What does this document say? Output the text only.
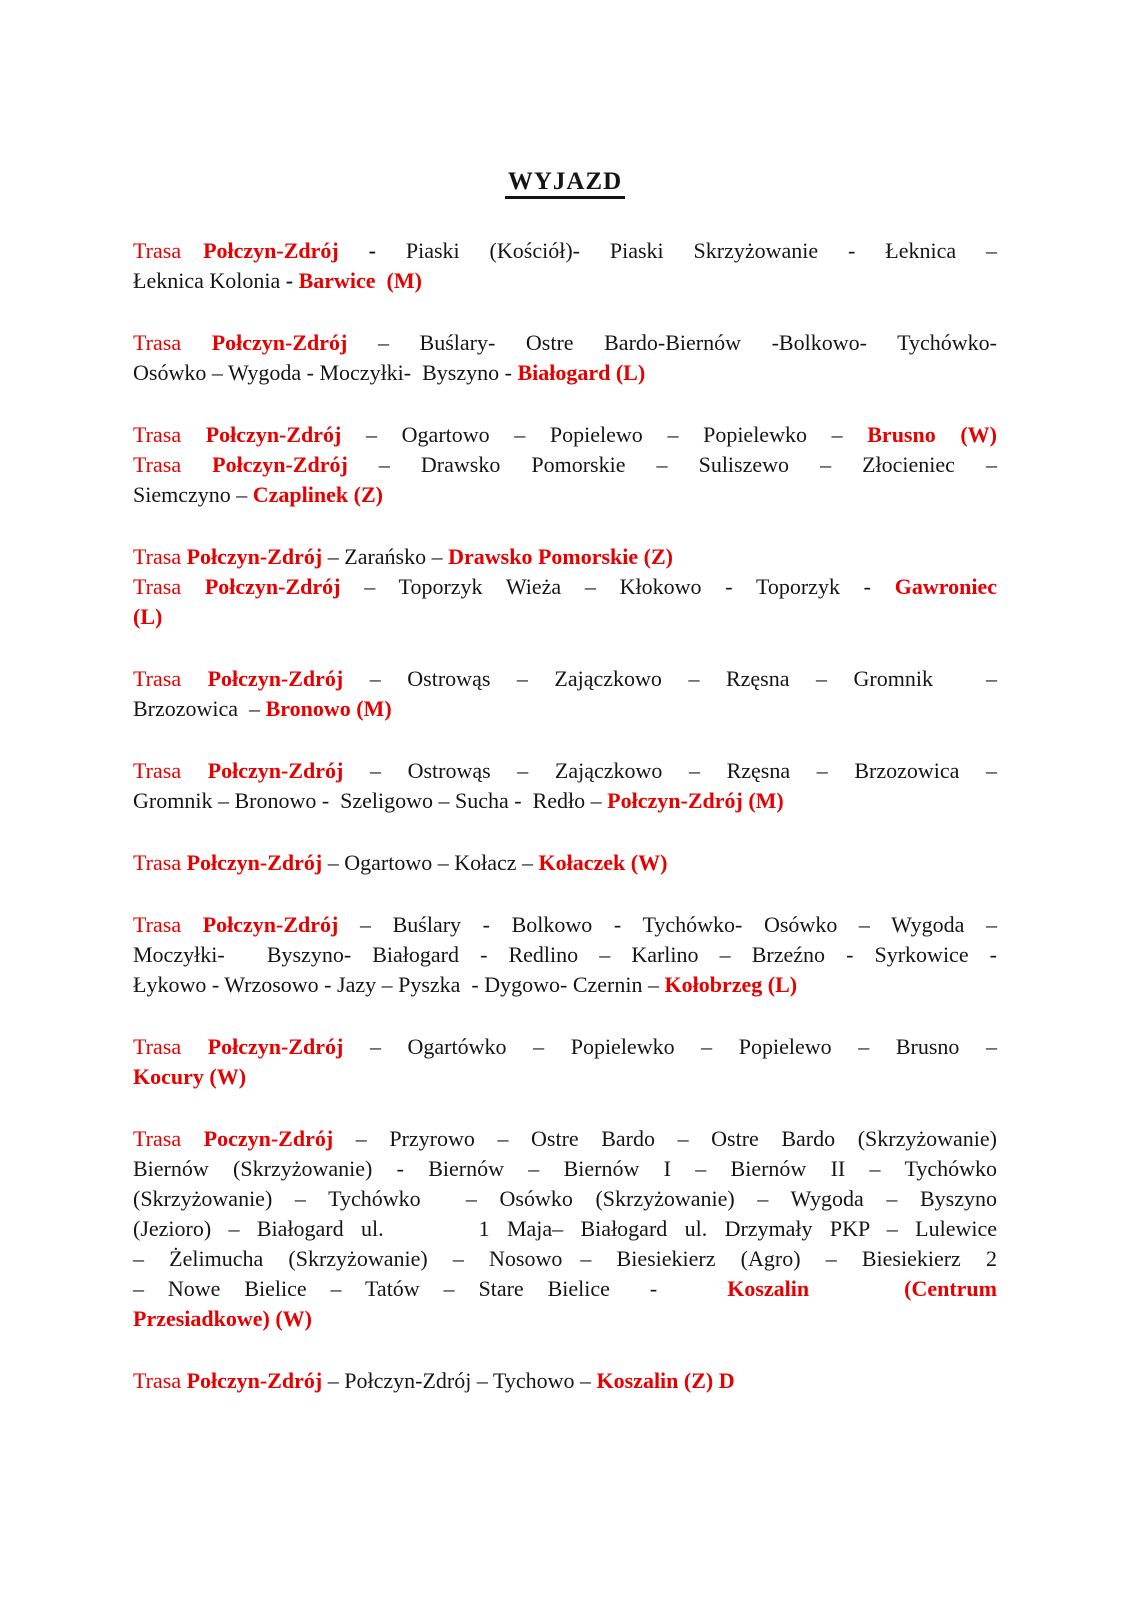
WYJAZD
Trasa Połczyn-Zdrój - Piaski (Kościół)- Piaski Skrzyżowanie - Łeknica –
Łeknica Kolonia - Barwice  (M)
Trasa Połczyn-Zdrój – Buślary- Ostre Bardo-Biernów -Bolkowo- Tychówko-
Osówko – Wygoda - Moczyłki-  Byszyno - Białogard (L)
Trasa Połczyn-Zdrój – Ogartowo – Popielewo – Popielewko – Brusno (W)
Trasa Połczyn-Zdrój – Drawsko Pomorskie – Suliszewo – Złocieniec –
Siemczyno – Czaplinek (Z)
Trasa Połczyn-Zdrój – Zarańsko – Drawsko Pomorskie (Z)
Trasa Połczyn-Zdrój – Toporzyk Wieża – Kłokowo - Toporzyk - Gawroniec
(L)
Trasa Połczyn-Zdrój – Ostrowąs – Zajączkowo – Rzęsna – Gromnik  –
Brzozowica  – Bronowo (M)
Trasa Połczyn-Zdrój – Ostrowąs – Zajączkowo – Rzęsna – Brzozowica –
Gromnik – Bronowo -  Szeligowo – Sucha -  Redło – Połczyn-Zdrój (M)
Trasa Połczyn-Zdrój – Ogartowo – Kołacz – Kołaczek (W)
Trasa Połczyn-Zdrój – Buślary - Bolkowo - Tychówko- Osówko – Wygoda –
Moczyłki-  Byszyno- Białogard - Redlino – Karlino – Brzeźno - Syrkowice -
Łykowo - Wrzosowo - Jazy – Pyszka  - Dygowo- Czernin – Kołobrzeg (L)
Trasa Połczyn-Zdrój – Ogartówko – Popielewko – Popielewo – Brusno –
Kocury (W)
Trasa Poczyn-Zdrój – Przyrowo – Ostre Bardo – Ostre Bardo (Skrzyżowanie)
Biernów (Skrzyżowanie) - Biernów – Biernów I – Biernów II – Tychówko
(Skrzyżowanie) – Tychówko  – Osówko (Skrzyżowanie) – Wygoda – Byszyno
(Jezioro) – Białogard ul.	1 Maja– Białogard ul. Drzymały PKP – Lulewice
– Żelimucha (Skrzyżowanie) – Nosowo – Biesiekierz (Agro) – Biesiekierz 2
– Nowe Bielice – Tatów – Stare Bielice -	Koszalin	(Centrum
Przesiadkowe) (W)
Trasa Połczyn-Zdrój – Połczyn-Zdrój – Tychowo – Koszalin (Z) D
